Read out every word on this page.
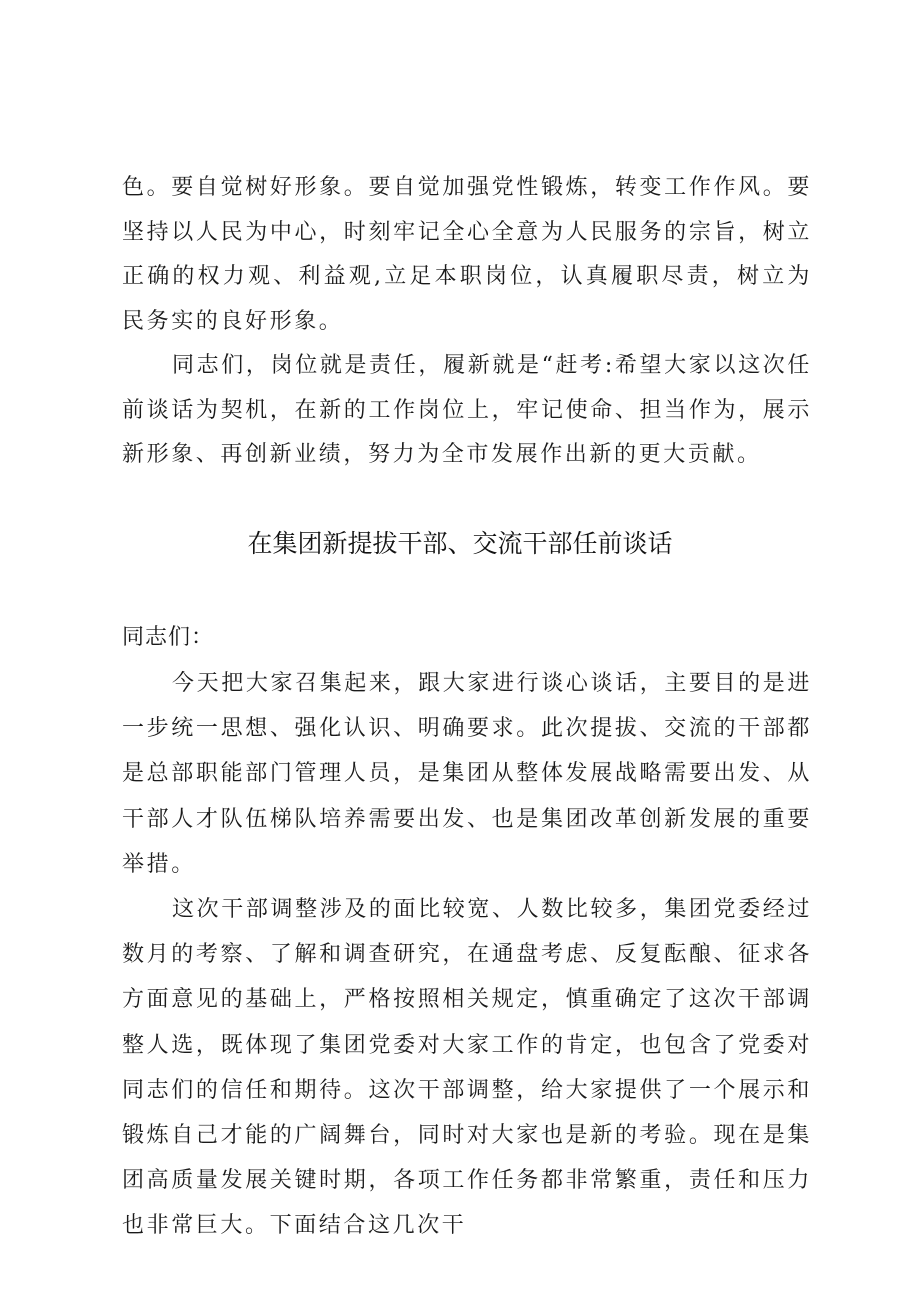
色。要自觉树好形象。要自觉加强党性锻炼，转变工作作风。要坚持以人民为中心，时刻牢记全心全意为人民服务的宗旨，树立正确的权力观、利益观,立足本职岗位，认真履职尽责，树立为民务实的良好形象。

同志们，岗位就是责任，履新就是“赶考:希望大家以这次任前谈话为契机，在新的工作岗位上，牢记使命、担当作为，展示新形象、再创新业绩，努力为全市发展作出新的更大贡献。

在集团新提拔干部、交流干部任前谈话

同志们：

今天把大家召集起来，跟大家进行谈心谈话，主要目的是进一步统一思想、强化认识、明确要求。此次提拔、交流的干部都是总部职能部门管理人员，是集团从整体发展战略需要出发、从干部人才队伍梯队培养需要出发、也是集团改革创新发展的重要举措。

这次干部调整涉及的面比较宽、人数比较多，集团党委经过数月的考察、了解和调查研究，在通盘考虑、反复酝酿、征求各方面意见的基础上，严格按照相关规定，慎重确定了这次干部调整人选，既体现了集团党委对大家工作的肯定，也包含了党委对同志们的信任和期待。这次干部调整，给大家提供了一个展示和锻炼自己才能的广阔舞台，同时对大家也是新的考验。现在是集团高质量发展关键时期，各项工作任务都非常繁重，责任和压力也非常巨大。下面结合这几次干
